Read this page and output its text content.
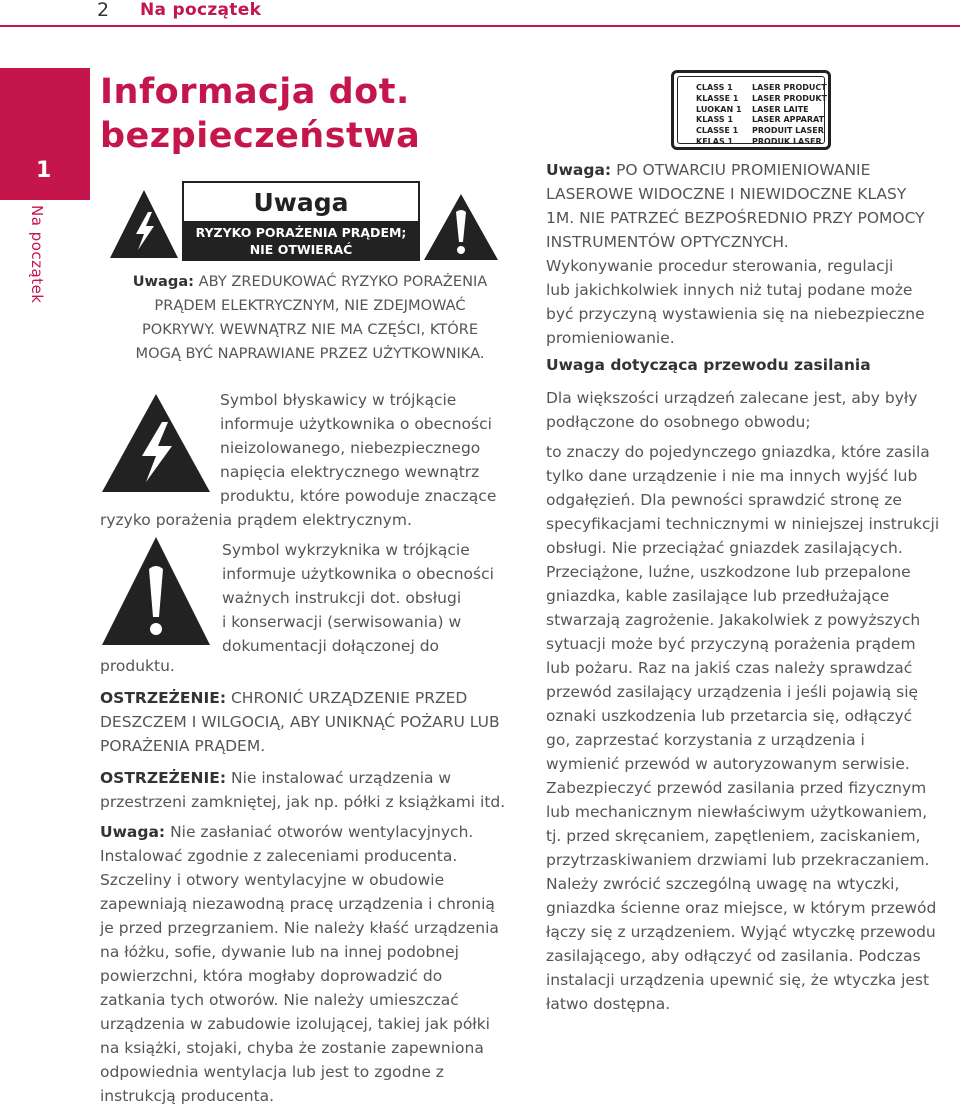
2 Na początek
1
Na początek
Informacja dot.
bezpieczeństwa
Uwaga
RYZYKO PORAŻENIA PRĄDEM;
NIE OTWIERAĆ
Uwaga: ABY ZREDUKOWAĆ RYZYKO PORAŻENIA
PRĄDEM ELEKTRYCZNYM, NIE ZDEJMOWAĆ
POKRYWY. WEWNĄTRZ NIE MA CZĘŚCI, KTÓRE
MOGĄ BYĆ NAPRAWIANE PRZEZ UŻYTKOWNIKA.
Symbol błyskawicy w trójkącie
informuje użytkownika o obecności
nieizolowanego, niebezpiecznego
napięcia elektrycznego wewnątrz
produktu, które powoduje znaczące
ryzyko porażenia prądem elektrycznym.
Symbol wykrzyknika w trójkącie
informuje użytkownika o obecności
ważnych instrukcji dot. obsługi
i konserwacji (serwisowania) w
dokumentacji dołączonej do
produktu.
OSTRZEŻENIE: CHRONIĆ URZĄDZENIE PRZED
DESZCZEM I WILGOCIĄ, ABY UNIKNĄĆ POŻARU LUB
PORAŻENIA PRĄDEM.
OSTRZEŻENIE: Nie instalować urządzenia w
przestrzeni zamkniętej, jak np. półki z książkami itd.
Uwaga: Nie zasłaniać otworów wentylacyjnych.
Instalować zgodnie z zaleceniami producenta.
Szczeliny i otwory wentylacyjne w obudowie
zapewniają niezawodną pracę urządzenia i chronią
je przed przegrzaniem. Nie należy kłaść urządzenia
na łóżku, sofie, dywanie lub na innej podobnej
powierzchni, która mogłaby doprowadzić do
zatkania tych otworów. Nie należy umieszczać
urządzenia w zabudowie izolującej, takiej jak półki
na książki, stojaki, chyba że zostanie zapewniona
odpowiednia wentylacja lub jest to zgodne z
instrukcją producenta.
CLASS 1 LASER PRODUCT
KLASSE 1 LASER PRODUKT
LUOKAN 1 LASER LAITE
KLASS 1 LASER APPARAT
CLASSE 1 PRODUIT LASER
KELAS 1 PRODUK LASER
Uwaga: PO OTWARCIU PROMIENIOWANIE
LASEROWE WIDOCZNE I NIEWIDOCZNE KLASY
1M. NIE PATRZEĆ BEZPOŚREDNIO PRZY POMOCY
INSTRUMENTÓW OPTYCZNYCH.
Wykonywanie procedur sterowania, regulacji
lub jakichkolwiek innych niż tutaj podane może
być przyczyną wystawienia się na niebezpieczne
promieniowanie.
Uwaga dotycząca przewodu zasilania
Dla większości urządzeń zalecane jest, aby były
podłączone do osobnego obwodu;
to znaczy do pojedynczego gniazdka, które zasila
tylko dane urządzenie i nie ma innych wyjść lub
odgałęzień. Dla pewności sprawdzić stronę ze
specyfikacjami technicznymi w niniejszej instrukcji
obsługi. Nie przeciążać gniazdek zasilających.
Przeciążone, luźne, uszkodzone lub przepalone
gniazdka, kable zasilające lub przedłużające
stwarzają zagrożenie. Jakakolwiek z powyższych
sytuacji może być przyczyną porażenia prądem
lub pożaru. Raz na jakiś czas należy sprawdzać
przewód zasilający urządzenia i jeśli pojawią się
oznaki uszkodzenia lub przetarcia się, odłączyć
go, zaprzestać korzystania z urządzenia i
wymienić przewód w autoryzowanym serwisie.
Zabezpieczyć przewód zasilania przed fizycznym
lub mechanicznym niewłaściwym użytkowaniem,
tj. przed skręcaniem, zapętleniem, zaciskaniem,
przytrzaskiwaniem drzwiami lub przekraczaniem.
Należy zwrócić szczególną uwagę na wtyczki,
gniazdka ścienne oraz miejsce, w którym przewód
łączy się z urządzeniem. Wyjąć wtyczkę przewodu
zasilającego, aby odłączyć od zasilania. Podczas
instalacji urządzenia upewnić się, że wtyczka jest
łatwo dostępna.
